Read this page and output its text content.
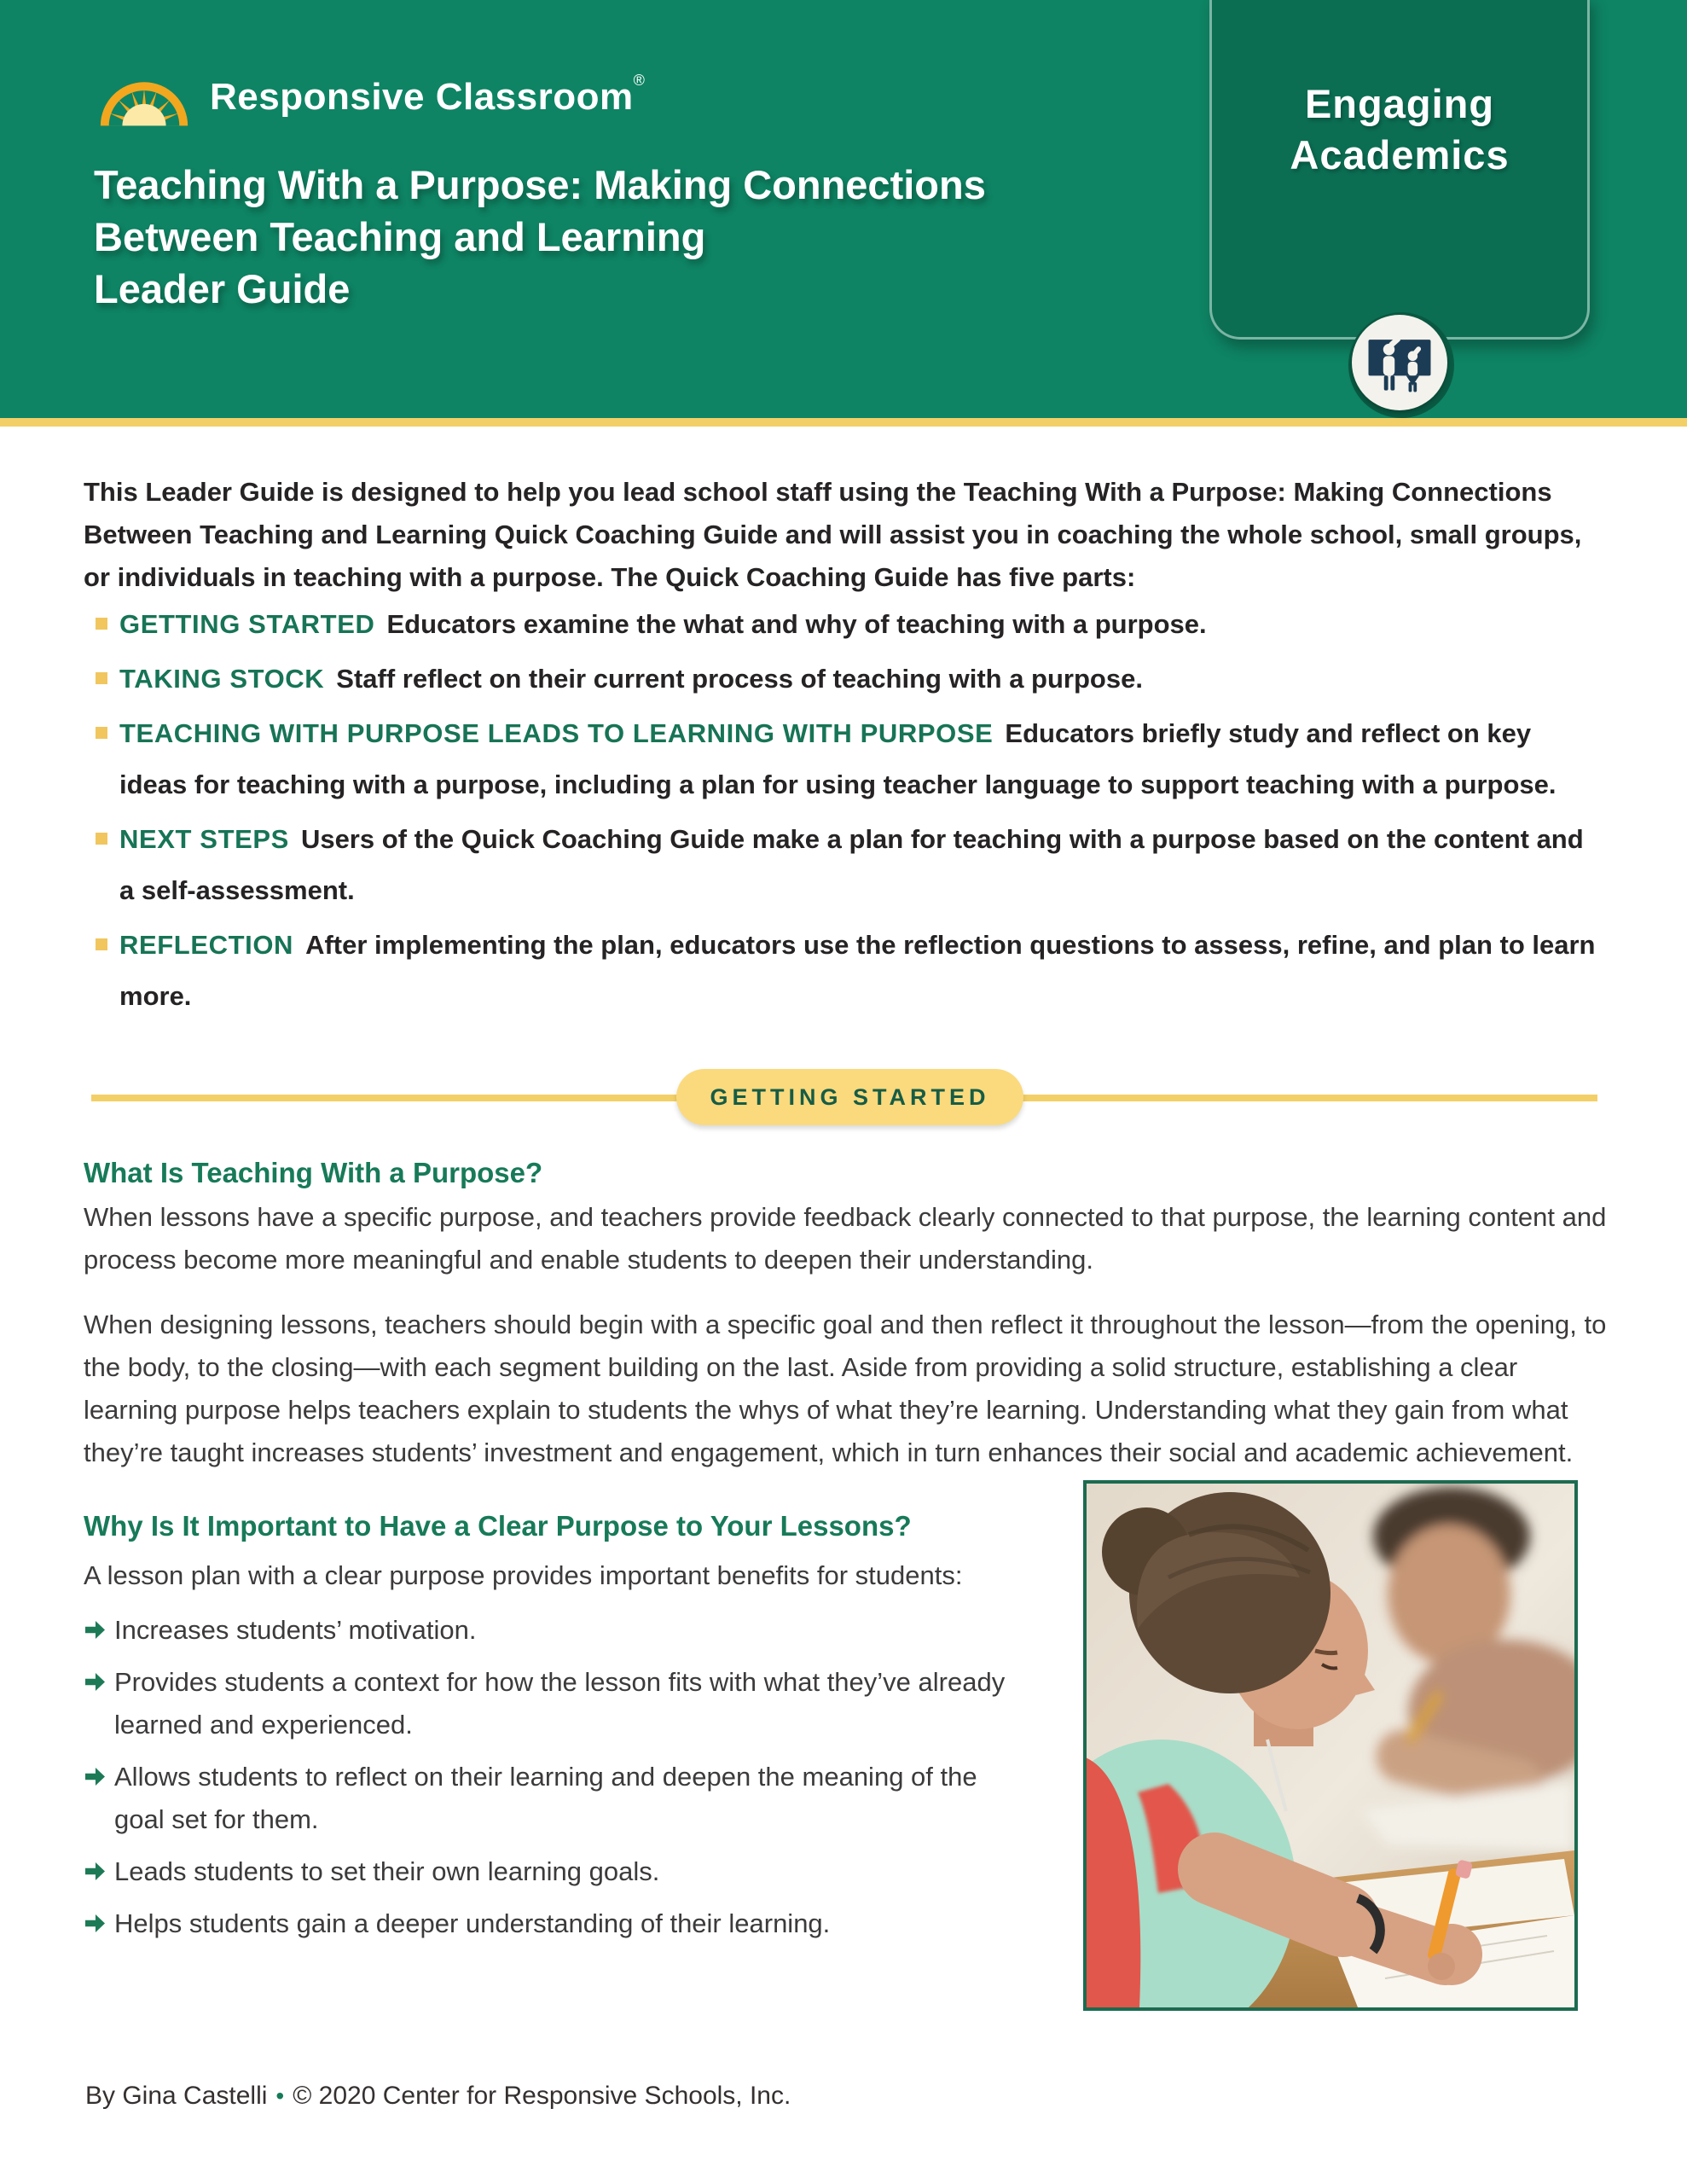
Responsive Classroom®
Teaching With a Purpose: Making Connections
Between Teaching and Learning
Leader Guide
Engaging
Academics

This Leader Guide is designed to help you lead school staff using the Teaching With a Purpose: Making Connections Between Teaching and Learning Quick Coaching Guide and will assist you in coaching the whole school, small groups, or individuals in teaching with a purpose. The Quick Coaching Guide has five parts:

GETTING STARTED Educators examine the what and why of teaching with a purpose.
TAKING STOCK Staff reflect on their current process of teaching with a purpose.
TEACHING WITH PURPOSE LEADS TO LEARNING WITH PURPOSE Educators briefly study and reflect on key ideas for teaching with a purpose, including a plan for using teacher language to support teaching with a purpose.
NEXT STEPS Users of the Quick Coaching Guide make a plan for teaching with a purpose based on the content and a self-assessment.
REFLECTION After implementing the plan, educators use the reflection questions to assess, refine, and plan to learn more.
GETTING STARTED
What Is Teaching With a Purpose?

When lessons have a specific purpose, and teachers provide feedback clearly connected to that purpose, the learning content and process become more meaningful and enable students to deepen their understanding.

When designing lessons, teachers should begin with a specific goal and then reflect it throughout the lesson—from the opening, to the body, to the closing—with each segment building on the last. Aside from providing a solid structure, establishing a clear learning purpose helps teachers explain to students the whys of what they’re learning. Understanding what they gain from what they’re taught increases students’ investment and engagement, which in turn enhances their social and academic achievement.

Why Is It Important to Have a Clear Purpose to Your Lessons?

A lesson plan with a clear purpose provides important benefits for students:

Increases students’ motivation.
Provides students a context for how the lesson fits with what they’ve already learned and experienced.
Allows students to reflect on their learning and deepen the meaning of the goal set for them.
Leads students to set their own learning goals.
Helps students gain a deeper understanding of their learning.

By Gina Castelli • © 2020 Center for Responsive Schools, Inc.
